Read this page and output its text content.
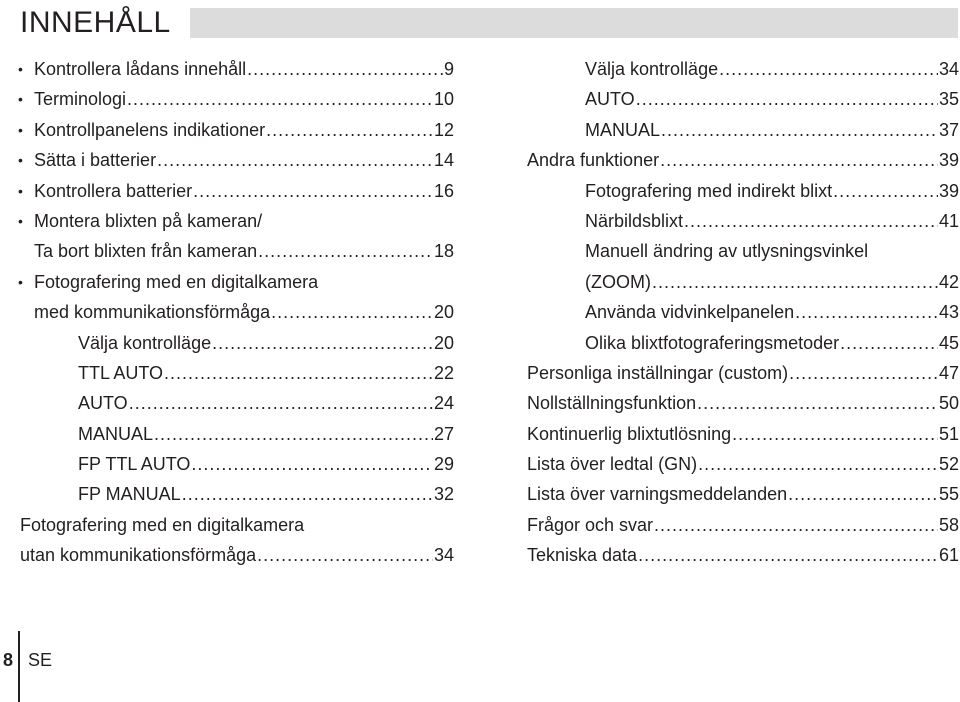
INNEHÅLL
• Kontrollera lådans innehåll .....	9
• Terminologi .....	10
• Kontrollpanelens indikationer .....	12
• Sätta i batterier .....	14
• Kontrollera batterier .....	16
• Montera blixten på kameran/
Ta bort blixten från kameran .....	18
• Fotografering med en digitalkamera
med kommunikationsförmåga .....	20
Välja kontrolläge .....	20
TTL AUTO .....	22
AUTO .....	24
MANUAL .....	27
FP TTL AUTO .....	29
FP MANUAL .....	32
Fotografering med en digitalkamera
utan kommunikationsförmåga .....	34
Välja kontrolläge .....	34
AUTO .....	35
MANUAL .....	37
Andra funktioner .....	39
Fotografering med indirekt blixt .....	39
Närbildsblixt .....	41
Manuell ändring av utlysningsvinkel
(ZOOM) .....	42
Använda vidvinkelpanelen .....	43
Olika blixtfotograferingsmetoder .....	45
Personliga inställningar (custom) .....	47
Nollställningsfunktion .....	50
Kontinuerlig blixtutlösning .....	51
Lista över ledtal (GN) .....	52
Lista över varningsmeddelanden .....	55
Frågor och svar .....	58
Tekniska data .....	61
8 SE
